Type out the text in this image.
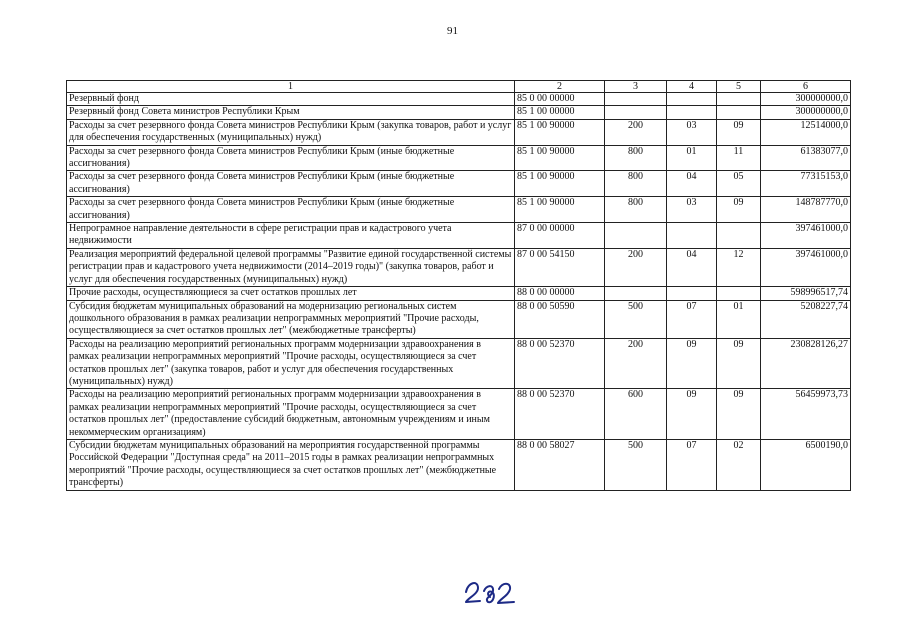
91
1	2	3	4	5	6
Резервный фонд	85 0 00 00000				300000000,0
Резервный фонд Совета министров Республики Крым	85 1 00 00000				300000000,0
Расходы за счет резервного фонда Совета министров Республики Крым (закупка товаров, работ и услуг для обеспечения государственных (муниципальных) нужд)	85 1 00 90000	200	03	09	12514000,0
Расходы за счет резервного фонда Совета министров Республики Крым (иные бюджетные ассигнования)	85 1 00 90000	800	01	11	61383077,0
Расходы за счет резервного фонда Совета министров Республики Крым (иные бюджетные ассигнования)	85 1 00 90000	800	04	05	77315153,0
Расходы за счет резервного фонда Совета министров Республики Крым (иные бюджетные ассигнования)	85 1 00 90000	800	03	09	148787770,0
Непрограмное направление деятельности в сфере регистрации прав и кадастрового учета недвижимости	87 0 00 00000				397461000,0
Реализация мероприятий федеральной целевой программы "Развитие единой государственной системы регистрации прав и кадастрового учета недвижимости (2014–2019 годы)" (закупка товаров, работ и услуг для обеспечения государственных (муниципальных) нужд)	87 0 00 54150	200	04	12	397461000,0
Прочие расходы, осуществляющиеся за счет остатков прошлых лет	88 0 00 00000				598996517,74
Субсидия бюджетам муниципальных образований на модернизацию региональных систем дошкольного образования в рамках реализации непрограммных мероприятий "Прочие расходы, осуществляющиеся за счет остатков прошлых лет" (межбюджетные трансферты)	88 0 00 50590	500	07	01	5208227,74
Расходы на реализацию мероприятий региональных программ модернизации здравоохранения в рамках реализации непрограммных мероприятий "Прочие расходы, осуществляющиеся за счет остатков прошлых лет" (закупка товаров, работ и услуг для обеспечения государственных (муниципальных) нужд)	88 0 00 52370	200	09	09	230828126,27
Расходы на реализацию мероприятий региональных программ модернизации здравоохранения в рамках реализации непрограммных мероприятий "Прочие расходы, осуществляющиеся за счет остатков прошлых лет" (предоставление субсидий бюджетным, автономным учреждениям и иным некоммерческим организациям)	88 0 00 52370	600	09	09	56459973,73
Субсидии бюджетам муниципальных образований на мероприятия государственной программы Российской Федерации "Доступная среда" на 2011–2015 годы в рамках реализации непрограммных мероприятий "Прочие расходы, осуществляющиеся за счет остатков прошлых лет" (межбюджетные трансферты)	88 0 00 58027	500	07	02	6500190,0
